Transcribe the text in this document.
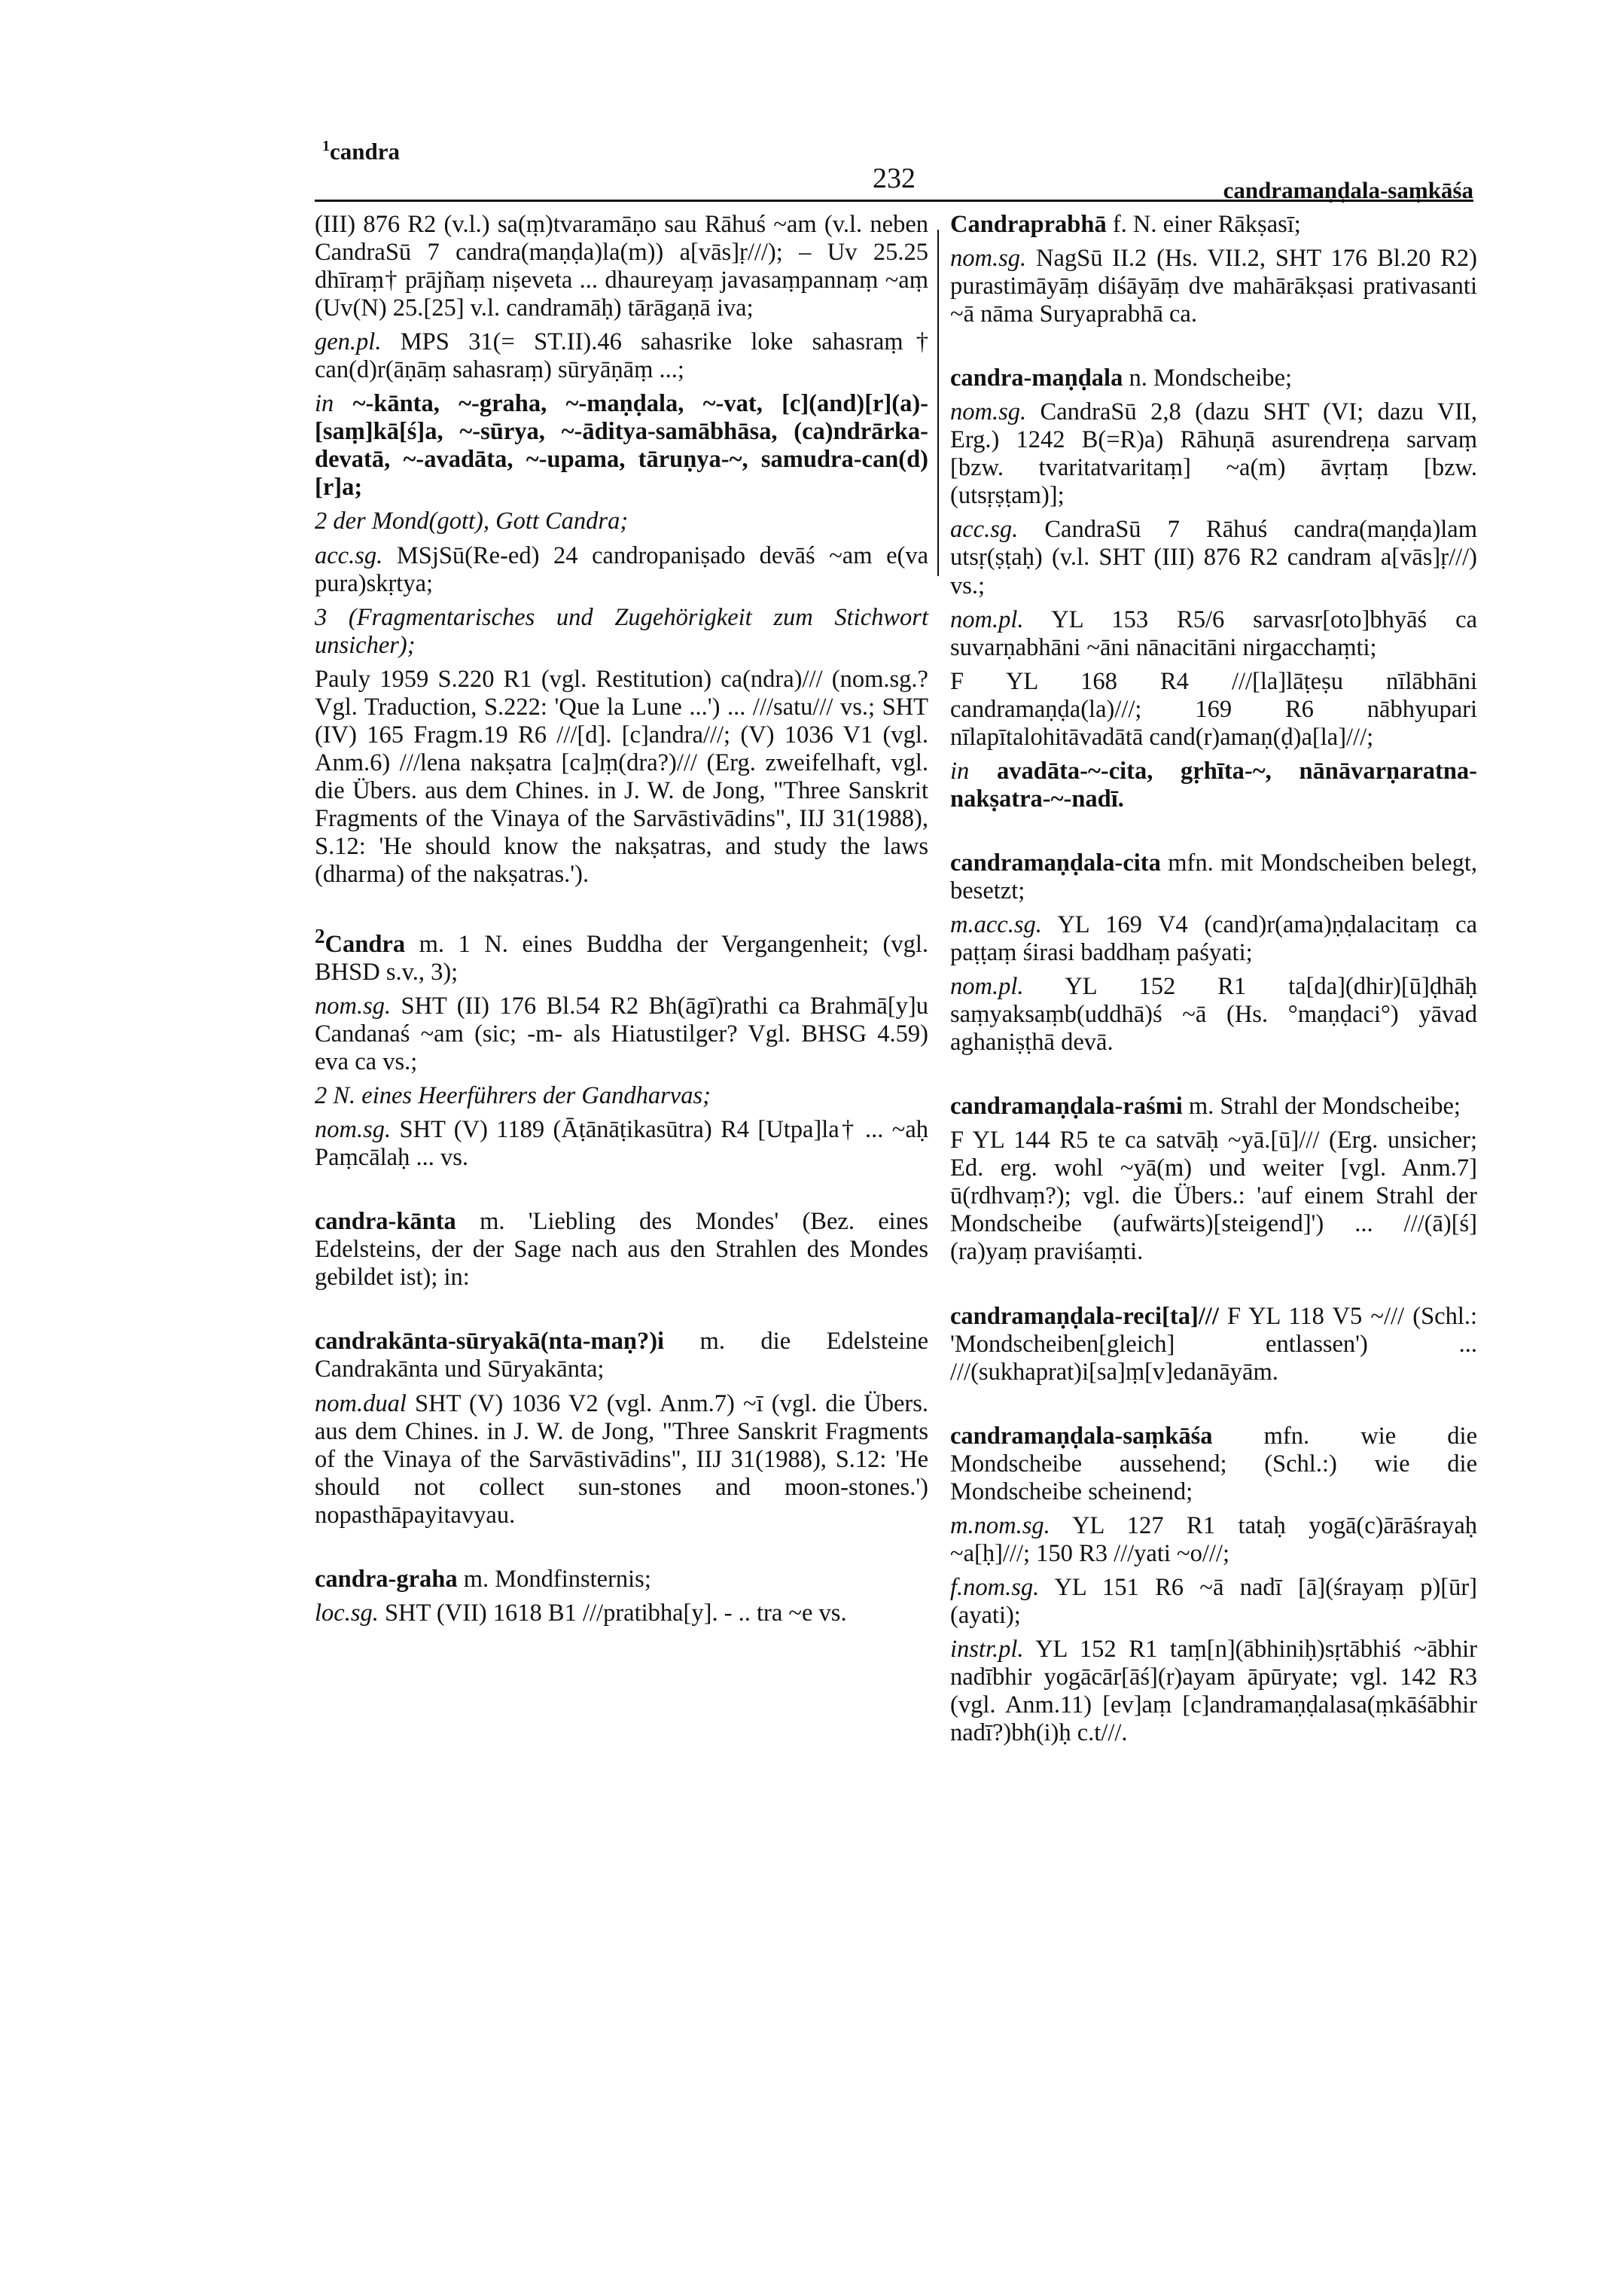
$^1$candra
232	candramaṇḍala-saṃkāśa

(III) 876 R2 (v.l.) sa(ṃ)tvaramāṇo sau Rāhuś ~am (v.l. neben CandraSū 7 candra(maṇḍa)la(m)) a[vās]ṛ///); – Uv 25.25 dhīraṃ† prājñaṃ niṣeveta ... dhaureyaṃ javasaṃpannaṃ ~aṃ (Uv(N) 25.[25] v.l. candramāḥ) tārāgaṇā iva;

gen.pl. MPS 31(= ST.II).46 sahasrike loke sahasraṃ† can(d)r(āṇāṃ sahasraṃ) sūryāṇāṃ ...;

in ~-kānta, ~-graha, ~-maṇḍala, ~-vat, [c](and)[r](a)-[saṃ]kā[ś]a, ~-sūrya, ~-āditya-samābhāsa, (ca)ndrārka-devatā, ~-avadāta, ~-upama, tāruṇya-~, samudra-can(d)[r]a;

2 der Mond(gott), Gott Candra;

acc.sg. MSjSū(Re-ed) 24 candropaniṣado devāś ~am e(va pura)skṛtya;

3 (Fragmentarisches und Zugehörigkeit zum Stichwort unsicher);

Pauly 1959 S.220 R1 (vgl. Restitution) ca(ndra)/// (nom.sg.? Vgl. Traduction, S.222: 'Que la Lune ...') ... ///satu/// vs.; SHT (IV) 165 Fragm.19 R6 ///[d]. [c]andra///; (V) 1036 V1 (vgl. Anm.6) ///lena nakṣatra [ca]ṃ(dra?)/// (Erg. zweifelhaft, vgl. die Übers. aus dem Chines. in J. W. de Jong, "Three Sanskrit Fragments of the Vinaya of the Sarvāstivādins", IIJ 31(1988), S.12: 'He should know the nakṣatras, and study the laws (dharma) of the nakṣatras.').

$^2$Candra m. 1 N. eines Buddha der Vergangenheit; (vgl. BHSD s.v., 3);

nom.sg. SHT (II) 176 Bl.54 R2 Bh(āgī)rathi ca Brahmā[y]u Candanaś ~am (sic; -m- als Hiatustilger? Vgl. BHSG 4.59) eva ca vs.;

2 N. eines Heerführers der Gandharvas;

nom.sg. SHT (V) 1189 (Āṭānāṭikasūtra) R4 [Utpa]la† ... ~aḥ Paṃcālaḥ ... vs.

candra-kānta m. 'Liebling des Mondes' (Bez. eines Edelsteins, der der Sage nach aus den Strahlen des Mondes gebildet ist); in:

candrakānta-sūryakā(nta-maṇ?)i m. die Edelsteine Candrakānta und Sūryakānta;

nom.dual SHT (V) 1036 V2 (vgl. Anm.7) ~ī (vgl. die Übers. aus dem Chines. in J. W. de Jong, "Three Sanskrit Fragments of the Vinaya of the Sarvāstivādins", IIJ 31(1988), S.12: 'He should not collect sun-stones and moon-stones.') nopasthāpayitavyau.

candra-graha m. Mondfinsternis;

loc.sg. SHT (VII) 1618 B1 ///pratibha[y]. - .. tra ~e vs.

Candraprabhā f. N. einer Rākṣasī;

nom.sg. NagSū II.2 (Hs. VII.2, SHT 176 Bl.20 R2) purastimāyāṃ diśāyāṃ dve mahārākṣasi prativasanti ~ā nāma Suryaprabhā ca.

candra-maṇḍala n. Mondscheibe;

nom.sg. CandraSū 2,8 (dazu SHT (VI; dazu VII, Erg.) 1242 B(=R)a) Rāhuṇā asurendreṇa sarvaṃ [bzw. tvaritatvaritaṃ] ~a(m) āvṛtaṃ [bzw. (utsṛṣṭam)];

acc.sg. CandraSū 7 Rāhuś candra(maṇḍa)lam utsṛ(ṣṭaḥ) (v.l. SHT (III) 876 R2 candram a[vās]ṛ///) vs.;

nom.pl. YL 153 R5/6 sarvasr[oto]bhyāś ca suvarṇabhāni ~āni nānacitāni nirgacchaṃti;

F YL 168 R4 ///[la]lāṭeṣu nīlābhāni candramaṇḍa(la)///; 169 R6 nābhyupari nīlapītalohitāvadātā cand(r)amaṇ(ḍ)a[la]///;

in avadāta-~-cita, gṛhīta-~, nānāvarṇaratna-nakṣatra-~-nadī.

candramaṇḍala-cita mfn. mit Mondscheiben belegt, besetzt;

m.acc.sg. YL 169 V4 (cand)r(ama)ṇḍalacitaṃ ca paṭṭaṃ śirasi baddhaṃ paśyati;

nom.pl. YL 152 R1 ta[da](dhir)[ū]ḍhāḥ saṃyaksaṃb(uddhā)ś ~ā (Hs. °maṇḍaci°) yāvad aghaniṣṭhā devā.

candramaṇḍala-raśmi m. Strahl der Mondscheibe;

F YL 144 R5 te ca satvāḥ ~yā.[ū]/// (Erg. unsicher; Ed. erg. wohl ~yā(m) und weiter [vgl. Anm.7] ū(rdhvaṃ?); vgl. die Übers.: 'auf einem Strahl der Mondscheibe (aufwärts)[steigend]') ... ///(ā)[ś](ra)yaṃ praviśaṃti.

candramaṇḍala-reci[ta]/// F YL 118 V5 ~/// (Schl.: 'Mondscheiben[gleich] entlassen') ... ///(sukhaprat)i[sa]ṃ[v]edanāyām.

candramaṇḍala-saṃkāśa mfn. wie die Mondscheibe aussehend; (Schl.:) wie die Mondscheibe scheinend;

m.nom.sg. YL 127 R1 tataḥ yogā(c)ārāśrayaḥ ~a[ḥ]///; 150 R3 ///yati ~o///;

f.nom.sg. YL 151 R6 ~ā nadī [ā](śrayaṃ p)[ūr](ayati);

instr.pl. YL 152 R1 taṃ[n](ābhiniḥ)sṛtābhiś ~ābhir nadībhir yogācār[āś](r)ayam āpūryate; vgl. 142 R3 (vgl. Anm.11) [ev]aṃ [c]andramaṇḍalasa(ṃkāśābhir nadī?)bh(i)ḥ c.t///.
